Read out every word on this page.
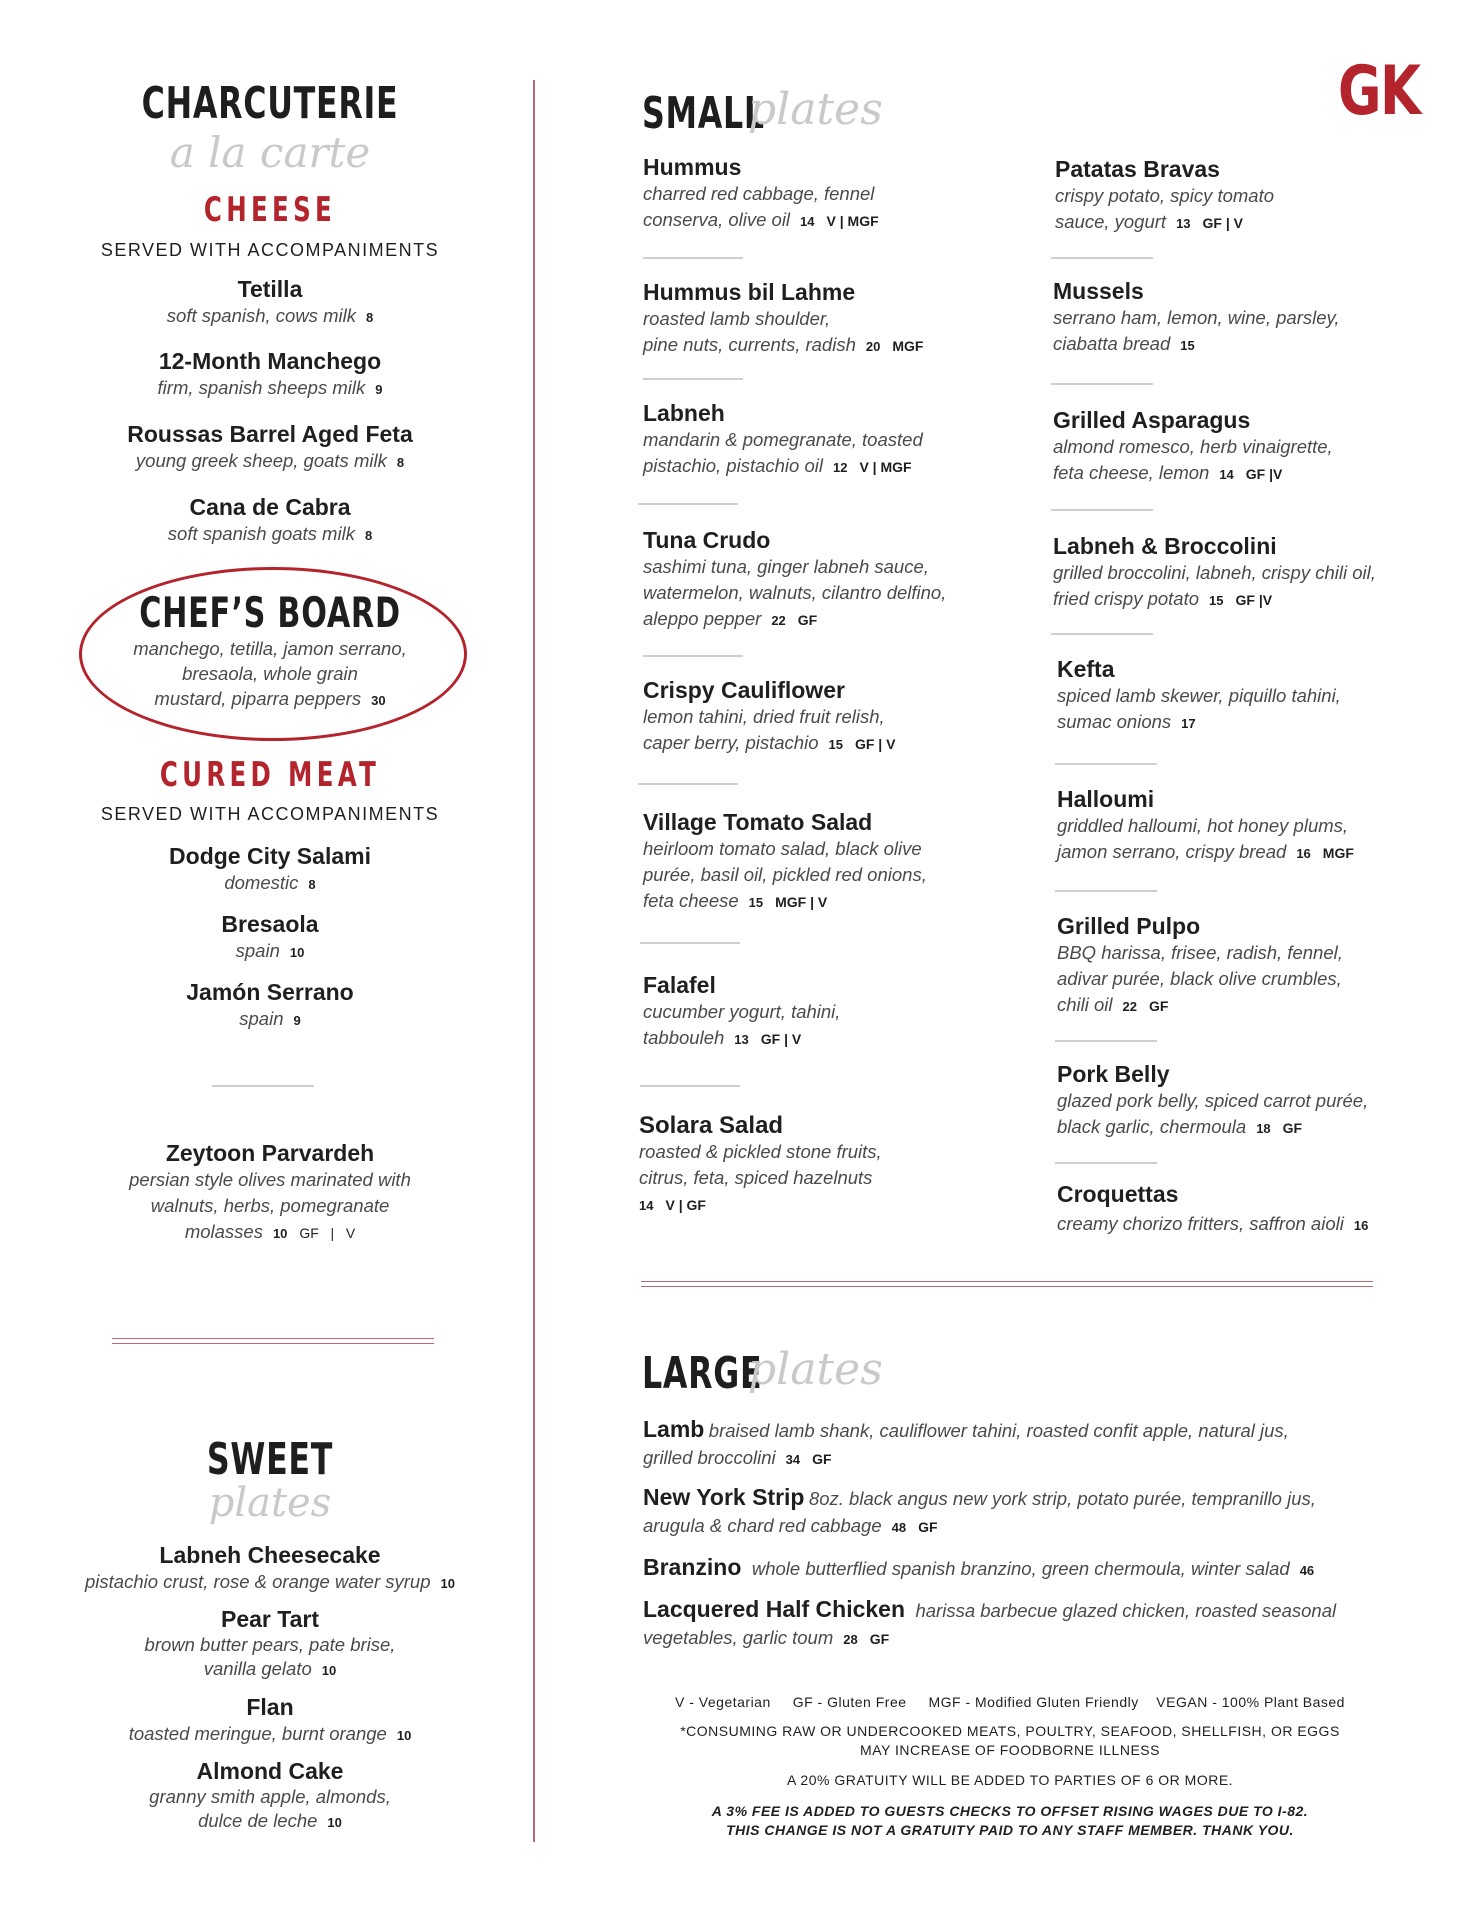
CHARCUTERIE
a la carte
CHEESE
SERVED WITH ACCOMPANIMENTS
Tetilla
soft spanish, cows milk 8
12-Month Manchego
firm, spanish sheeps milk 9
Roussas Barrel Aged Feta
young greek sheep, goats milk 8
Cana de Cabra
soft spanish goats milk 8
CHEF’S BOARD
manchego, tetilla, jamon serrano,
bresaola, whole grain
mustard, piparra peppers 30
CURED MEAT
SERVED WITH ACCOMPANIMENTS
Dodge City Salami
domestic 8
Bresaola
spain 10
Jamón Serrano
spain 9
Zeytoon Parvardeh
persian style olives marinated with
walnuts, herbs, pomegranate
molasses 10 GF   |   V
SWEET
plates
Labneh Cheesecake
pistachio crust, rose & orange water syrup 10
Pear Tart
brown butter pears, pate brise,
vanilla gelato 10
Flan
toasted meringue, burnt orange 10
Almond Cake
granny smith apple, almonds,
dulce de leche 10
GK
SMALL
plates
Hummus
charred red cabbage, fennel
conserva, olive oil 14 V | MGF
Hummus bil Lahme
roasted lamb shoulder,
pine nuts, currents, radish 20 MGF
Labneh
mandarin & pomegranate, toasted
pistachio, pistachio oil 12 V | MGF
Tuna Crudo
sashimi tuna, ginger labneh sauce,
watermelon, walnuts, cilantro delfino,
aleppo pepper 22 GF
Crispy Cauliflower
lemon tahini, dried fruit relish,
caper berry, pistachio 15 GF | V
Village Tomato Salad
heirloom tomato salad, black olive
purée, basil oil, pickled red onions,
feta cheese 15 MGF | V
Falafel
cucumber yogurt, tahini,
tabbouleh 13 GF | V
Solara Salad
roasted & pickled stone fruits,
citrus, feta, spiced hazelnuts
14 V | GF
Patatas Bravas
crispy potato, spicy tomato
sauce, yogurt 13 GF | V
Mussels
serrano ham, lemon, wine, parsley,
ciabatta bread 15
Grilled Asparagus
almond romesco, herb vinaigrette,
feta cheese, lemon 14 GF |V
Labneh & Broccolini
grilled broccolini, labneh, crispy chili oil,
fried crispy potato 15 GF |V
Kefta
spiced lamb skewer, piquillo tahini,
sumac onions 17
Halloumi
griddled halloumi, hot honey plums,
jamon serrano, crispy bread 16 MGF
Grilled Pulpo
BBQ harissa, frisee, radish, fennel,
adivar purée, black olive crumbles,
chili oil 22 GF
Pork Belly
glazed pork belly, spiced carrot purée,
black garlic, chermoula 18 GF
Croquettas
creamy chorizo fritters, saffron aioli 16
LARGE
plates
Lamb braised lamb shank, cauliflower tahini, roasted confit apple, natural jus,
grilled broccolini 34 GF
New York Strip 8oz. black angus new york strip, potato purée, tempranillo jus,
arugula & chard red cabbage 48 GF
Branzino whole butterflied spanish branzino, green chermoula, winter salad 46
Lacquered Half Chicken harissa barbecue glazed chicken, roasted seasonal
vegetables, garlic toum 28 GF
V - Vegetarian     GF - Gluten Free     MGF - Modified Gluten Friendly    VEGAN - 100% Plant Based
*CONSUMING RAW OR UNDERCOOKED MEATS, POULTRY, SEAFOOD, SHELLFISH, OR EGGS
MAY INCREASE OF FOODBORNE ILLNESS
A 20% GRATUITY WILL BE ADDED TO PARTIES OF 6 OR MORE.
A 3% FEE IS ADDED TO GUESTS CHECKS TO OFFSET RISING WAGES DUE TO I-82.
THIS CHANGE IS NOT A GRATUITY PAID TO ANY STAFF MEMBER. THANK YOU.
